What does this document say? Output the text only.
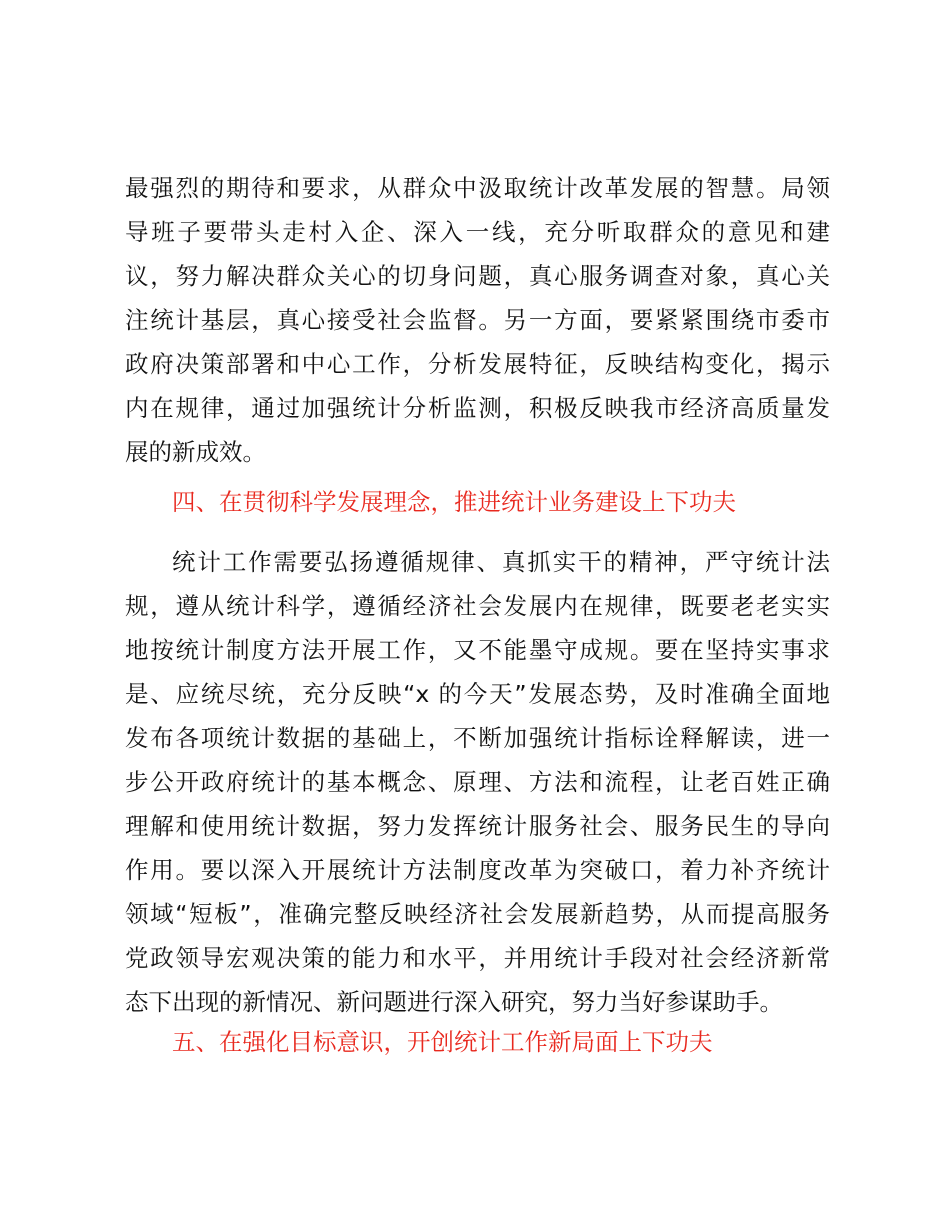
最强烈的期待和要求，从群众中汲取统计改革发展的智慧。局领
导班子要带头走村入企、深入一线，充分听取群众的意见和建
议，努力解决群众关心的切身问题，真心服务调查对象，真心关
注统计基层，真心接受社会监督。另一方面，要紧紧围绕市委市
政府决策部署和中心工作，分析发展特征，反映结构变化，揭示
内在规律，通过加强统计分析监测，积极反映我市经济高质量发
展的新成效。
四、在贯彻科学发展理念，推进统计业务建设上下功夫
统计工作需要弘扬遵循规律、真抓实干的精神，严守统计法
规，遵从统计科学，遵循经济社会发展内在规律，既要老老实实
地按统计制度方法开展工作，又不能墨守成规。要在坚持实事求
是、应统尽统，充分反映“x 的今天”发展态势，及时准确全面地
发布各项统计数据的基础上，不断加强统计指标诠释解读，进一
步公开政府统计的基本概念、原理、方法和流程，让老百姓正确
理解和使用统计数据，努力发挥统计服务社会、服务民生的导向
作用。要以深入开展统计方法制度改革为突破口，着力补齐统计
领域“短板”，准确完整反映经济社会发展新趋势，从而提高服务
党政领导宏观决策的能力和水平，并用统计手段对社会经济新常
态下出现的新情况、新问题进行深入研究，努力当好参谋助手。
五、在强化目标意识，开创统计工作新局面上下功夫
